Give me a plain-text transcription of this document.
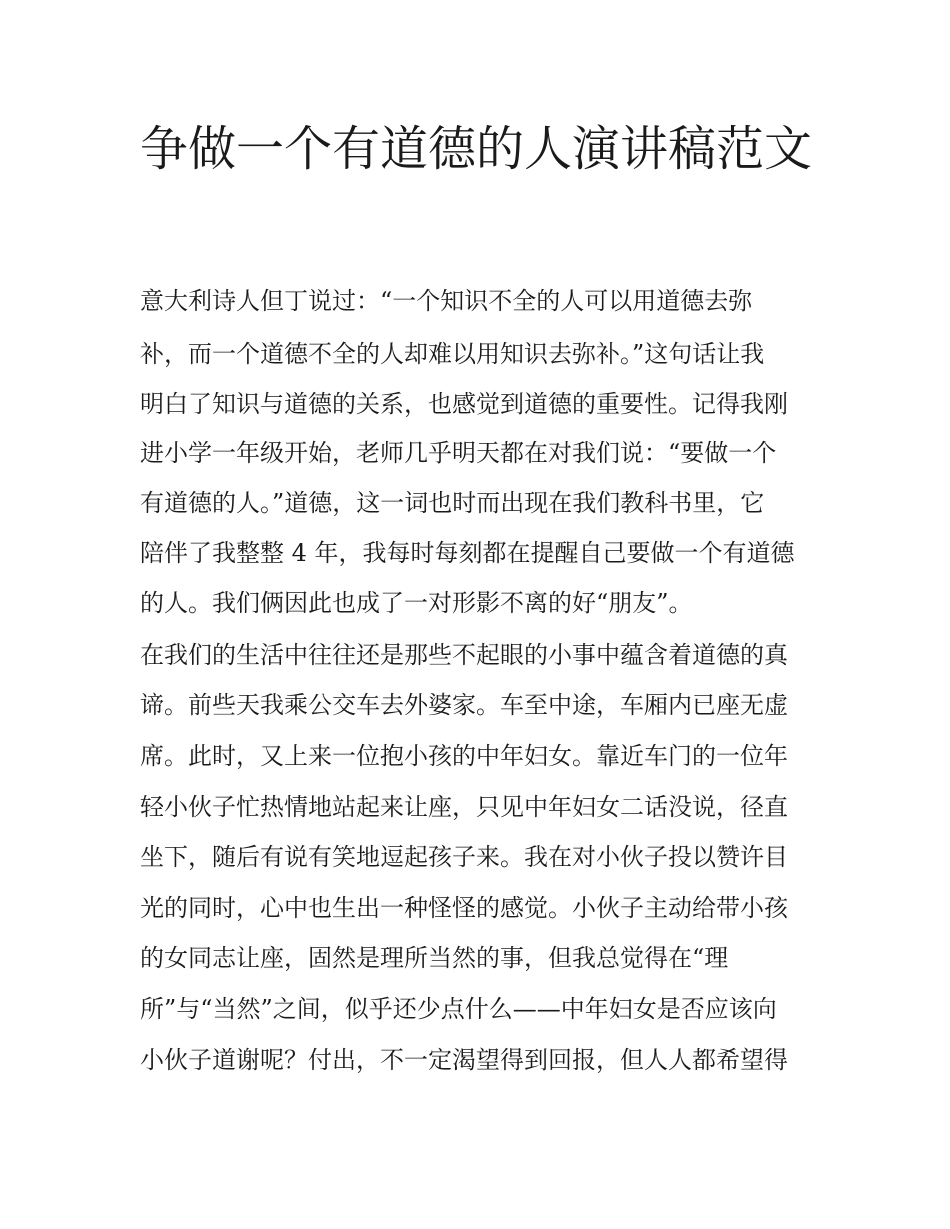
争做一个有道德的人演讲稿范文

意大利诗人但丁说过：“一个知识不全的人可以用道德去弥

补，而一个道德不全的人却难以用知识去弥补。”这句话让我

明白了知识与道德的关系，也感觉到道德的重要性。记得我刚

进小学一年级开始，老师几乎明天都在对我们说：“要做一个

有道德的人。”道德，这一词也时而出现在我们教科书里，它

陪伴了我整整 4 年，我每时每刻都在提醒自己要做一个有道德

的人。我们俩因此也成了一对形影不离的好“朋友”。

在我们的生活中往往还是那些不起眼的小事中蕴含着道德的真

谛。前些天我乘公交车去外婆家。车至中途，车厢内已座无虚

席。此时，又上来一位抱小孩的中年妇女。靠近车门的一位年

轻小伙子忙热情地站起来让座，只见中年妇女二话没说，径直

坐下，随后有说有笑地逗起孩子来。我在对小伙子投以赞许目

光的同时，心中也生出一种怪怪的感觉。小伙子主动给带小孩

的女同志让座，固然是理所当然的事，但我总觉得在“理

所”与“当然”之间，似乎还少点什么——中年妇女是否应该向

小伙子道谢呢？付出，不一定渴望得到回报，但人人都希望得
